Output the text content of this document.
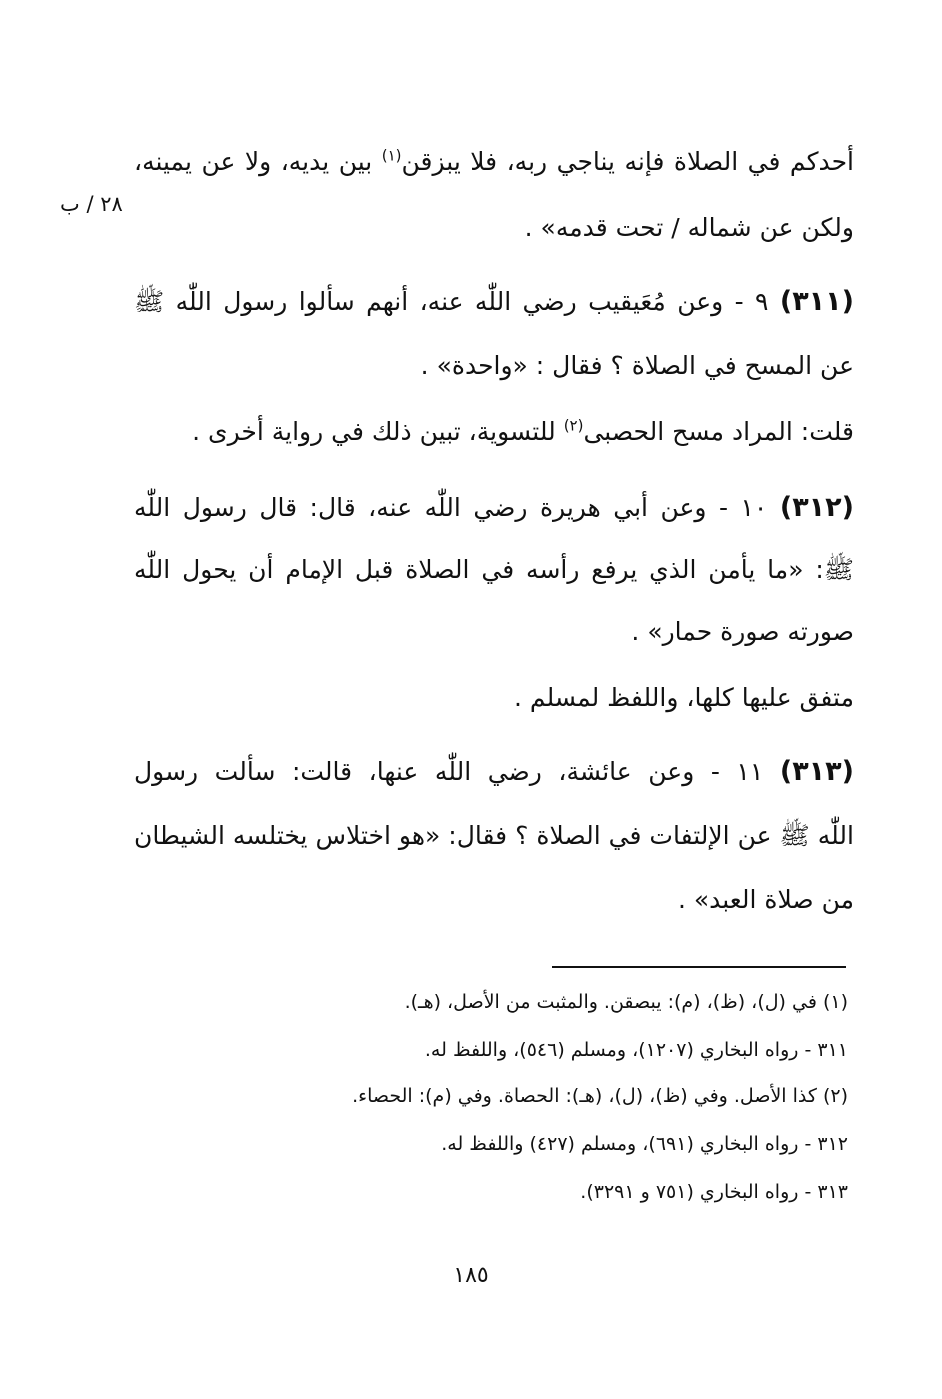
٢٨ / ب
أحدكم في الصلاة فإنه يناجي ربه، فلا يبزقن$^{(١)}$ بين يديه، ولا عن يمينه،
ولكن عن شماله / تحت قدمه» .
(٣١١) ٩ - وعن مُعَيقيب رضي اللّٰه عنه، أنهم سألوا رسول اللّٰه ﷺ
عن المسح في الصلاة ؟ فقال : «واحدة» .
قلت: المراد مسح الحصبى$^{(٢)}$ للتسوية، تبين ذلك في رواية أخرى .
(٣١٢) ١٠ - وعن أبي هريرة رضي اللّٰه عنه، قال: قال رسول اللّٰه
ﷺ: «ما يأمن الذي يرفع رأسه في الصلاة قبل الإمام أن يحول اللّٰه
صورته صورة حمار» .
متفق عليها كلها، واللفظ لمسلم .
(٣١٣) ١١ - وعن عائشة، رضي اللّٰه عنها، قالت: سألت رسول
اللّٰه ﷺ عن الإلتفات في الصلاة ؟ فقال: «هو اختلاس يختلسه الشيطان
من صلاة العبد» .
(١) في (ل)، (ظ)، (م): يبصقن. والمثبت من الأصل، (هـ).
٣١١ - رواه البخاري (١٢٠٧)، ومسلم (٥٤٦)، واللفظ له.
(٢) كذا الأصل. وفي (ظ)، (ل)، (هـ): الحصاة. وفي (م): الحصاء.
٣١٢ - رواه البخاري (٦٩١)، ومسلم (٤٢٧) واللفظ له.
٣١٣ - رواه البخاري (٧٥١ و ٣٢٩١).
١٨٥
